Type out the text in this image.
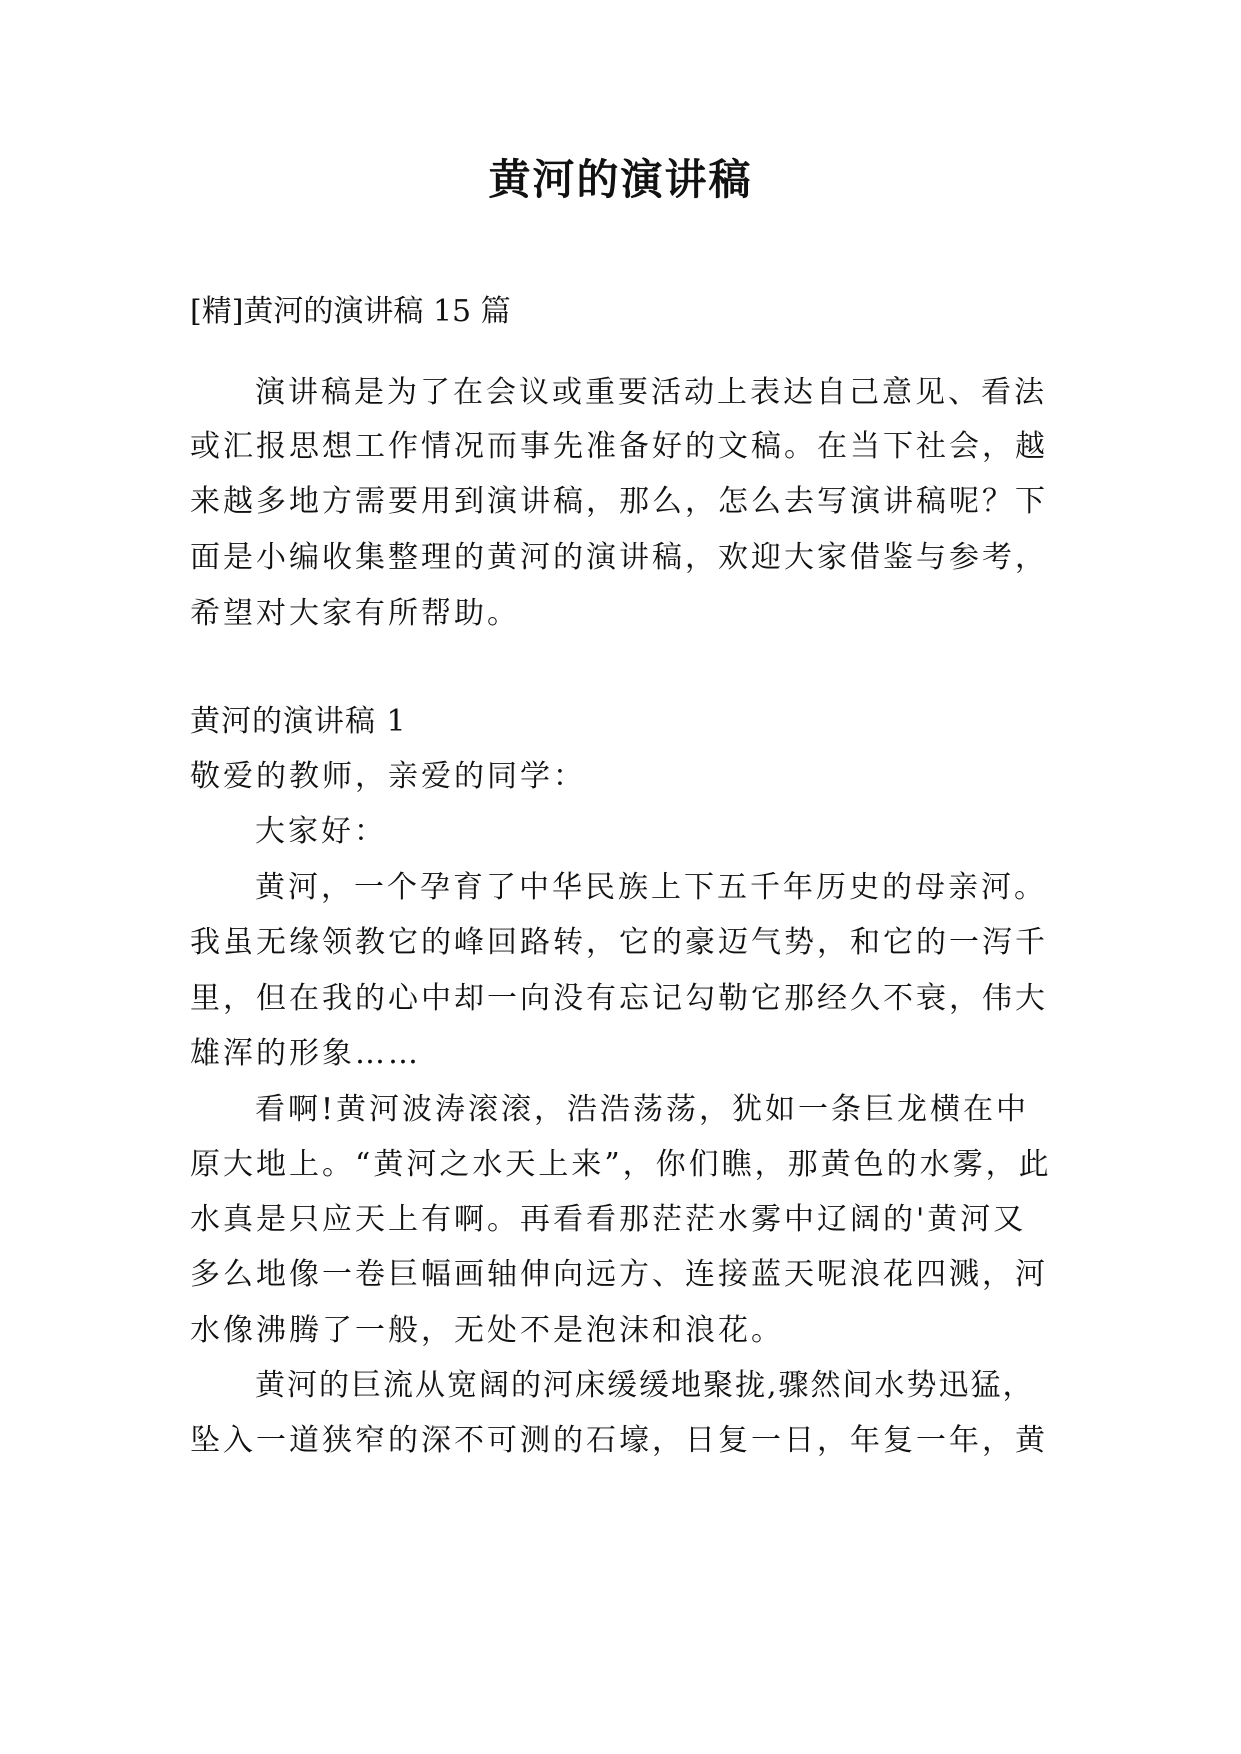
黄河的演讲稿
[精]黄河的演讲稿 15 篇
演讲稿是为了在会议或重要活动上表达自己意见、看法
或汇报思想工作情况而事先准备好的文稿。在当下社会，越
来越多地方需要用到演讲稿，那么，怎么去写演讲稿呢？下
面是小编收集整理的黄河的演讲稿，欢迎大家借鉴与参考，
希望对大家有所帮助。
黄河的演讲稿 1
敬爱的教师，亲爱的同学：
大家好：
黄河，一个孕育了中华民族上下五千年历史的母亲河。
我虽无缘领教它的峰回路转，它的豪迈气势，和它的一泻千
里，但在我的心中却一向没有忘记勾勒它那经久不衰，伟大
雄浑的形象……
看啊!黄河波涛滚滚，浩浩荡荡，犹如一条巨龙横在中
原大地上。“黄河之水天上来”，你们瞧，那黄色的水雾，此
水真是只应天上有啊。再看看那茫茫水雾中辽阔的'黄河又
多么地像一卷巨幅画轴伸向远方、连接蓝天呢浪花四溅，河
水像沸腾了一般，无处不是泡沫和浪花。
黄河的巨流从宽阔的河床缓缓地聚拢,骤然间水势迅猛，
坠入一道狭窄的深不可测的石壕，日复一日，年复一年，黄
